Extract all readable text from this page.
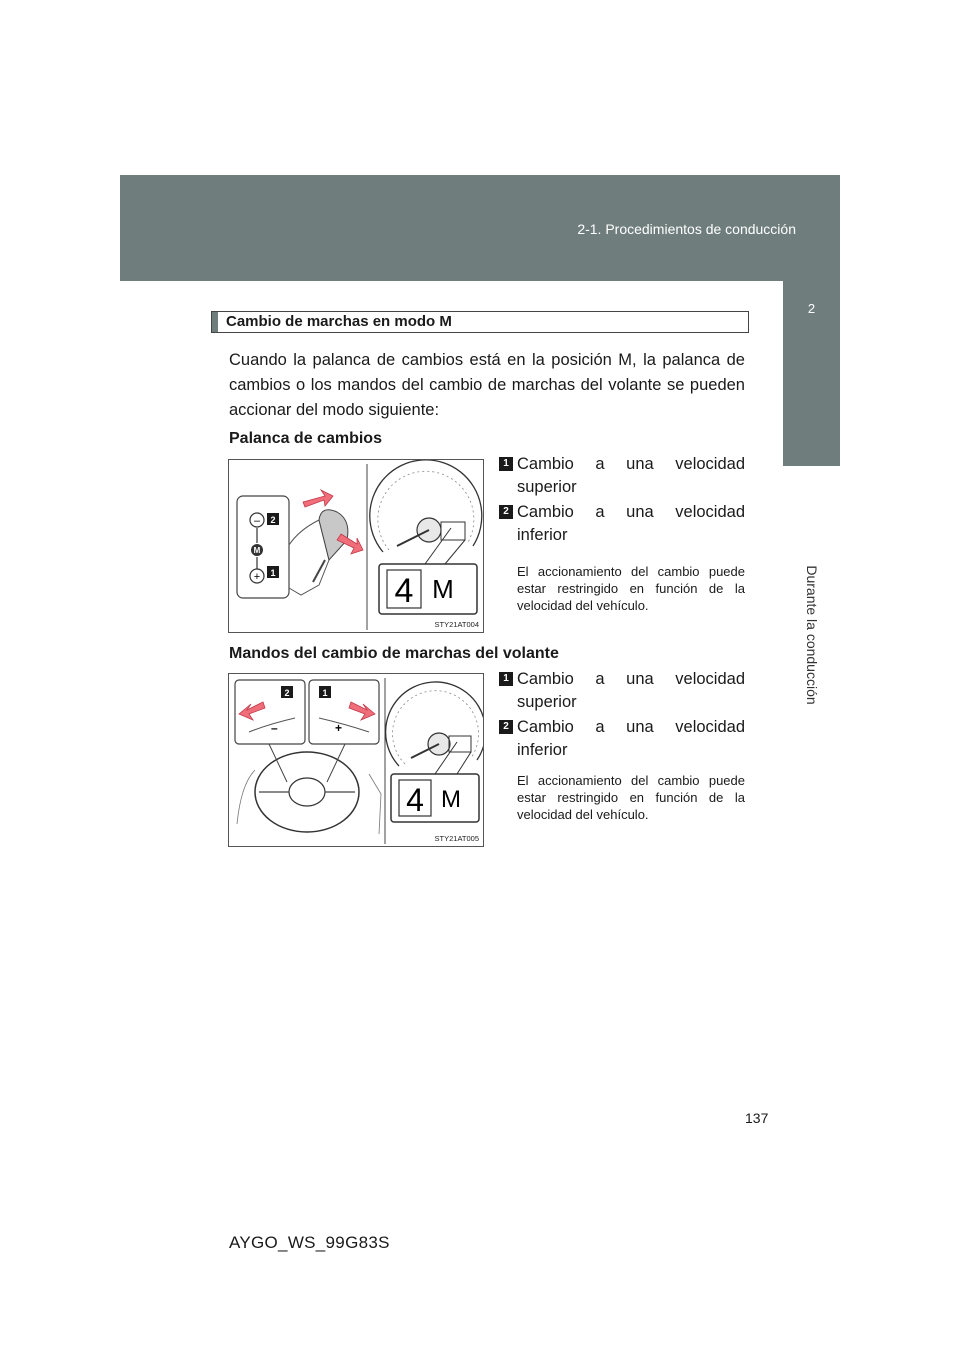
2-1. Procedimientos de conducción
2
Durante la conducción
Cambio de marchas en modo M
Cuando la palanca de cambios está en la posición M, la palanca de cambios o los mandos del cambio de marchas del volante se pueden accionar del modo siguiente:
Palanca de cambios
–
M
+
2
1	4 M
STY21AT004
1 Cambio a una velocidad
superior
2 Cambio a una velocidad
inferior
El accionamiento del cambio puede estar restringido en función de la velocidad del vehículo.
Mandos del cambio de marchas del volante
2	1
–	+
4 M
STY21AT005
1 Cambio a una velocidad
superior
2 Cambio a una velocidad
inferior
El accionamiento del cambio puede estar restringido en función de la velocidad del vehículo.
137
AYGO_WS_99G83S
